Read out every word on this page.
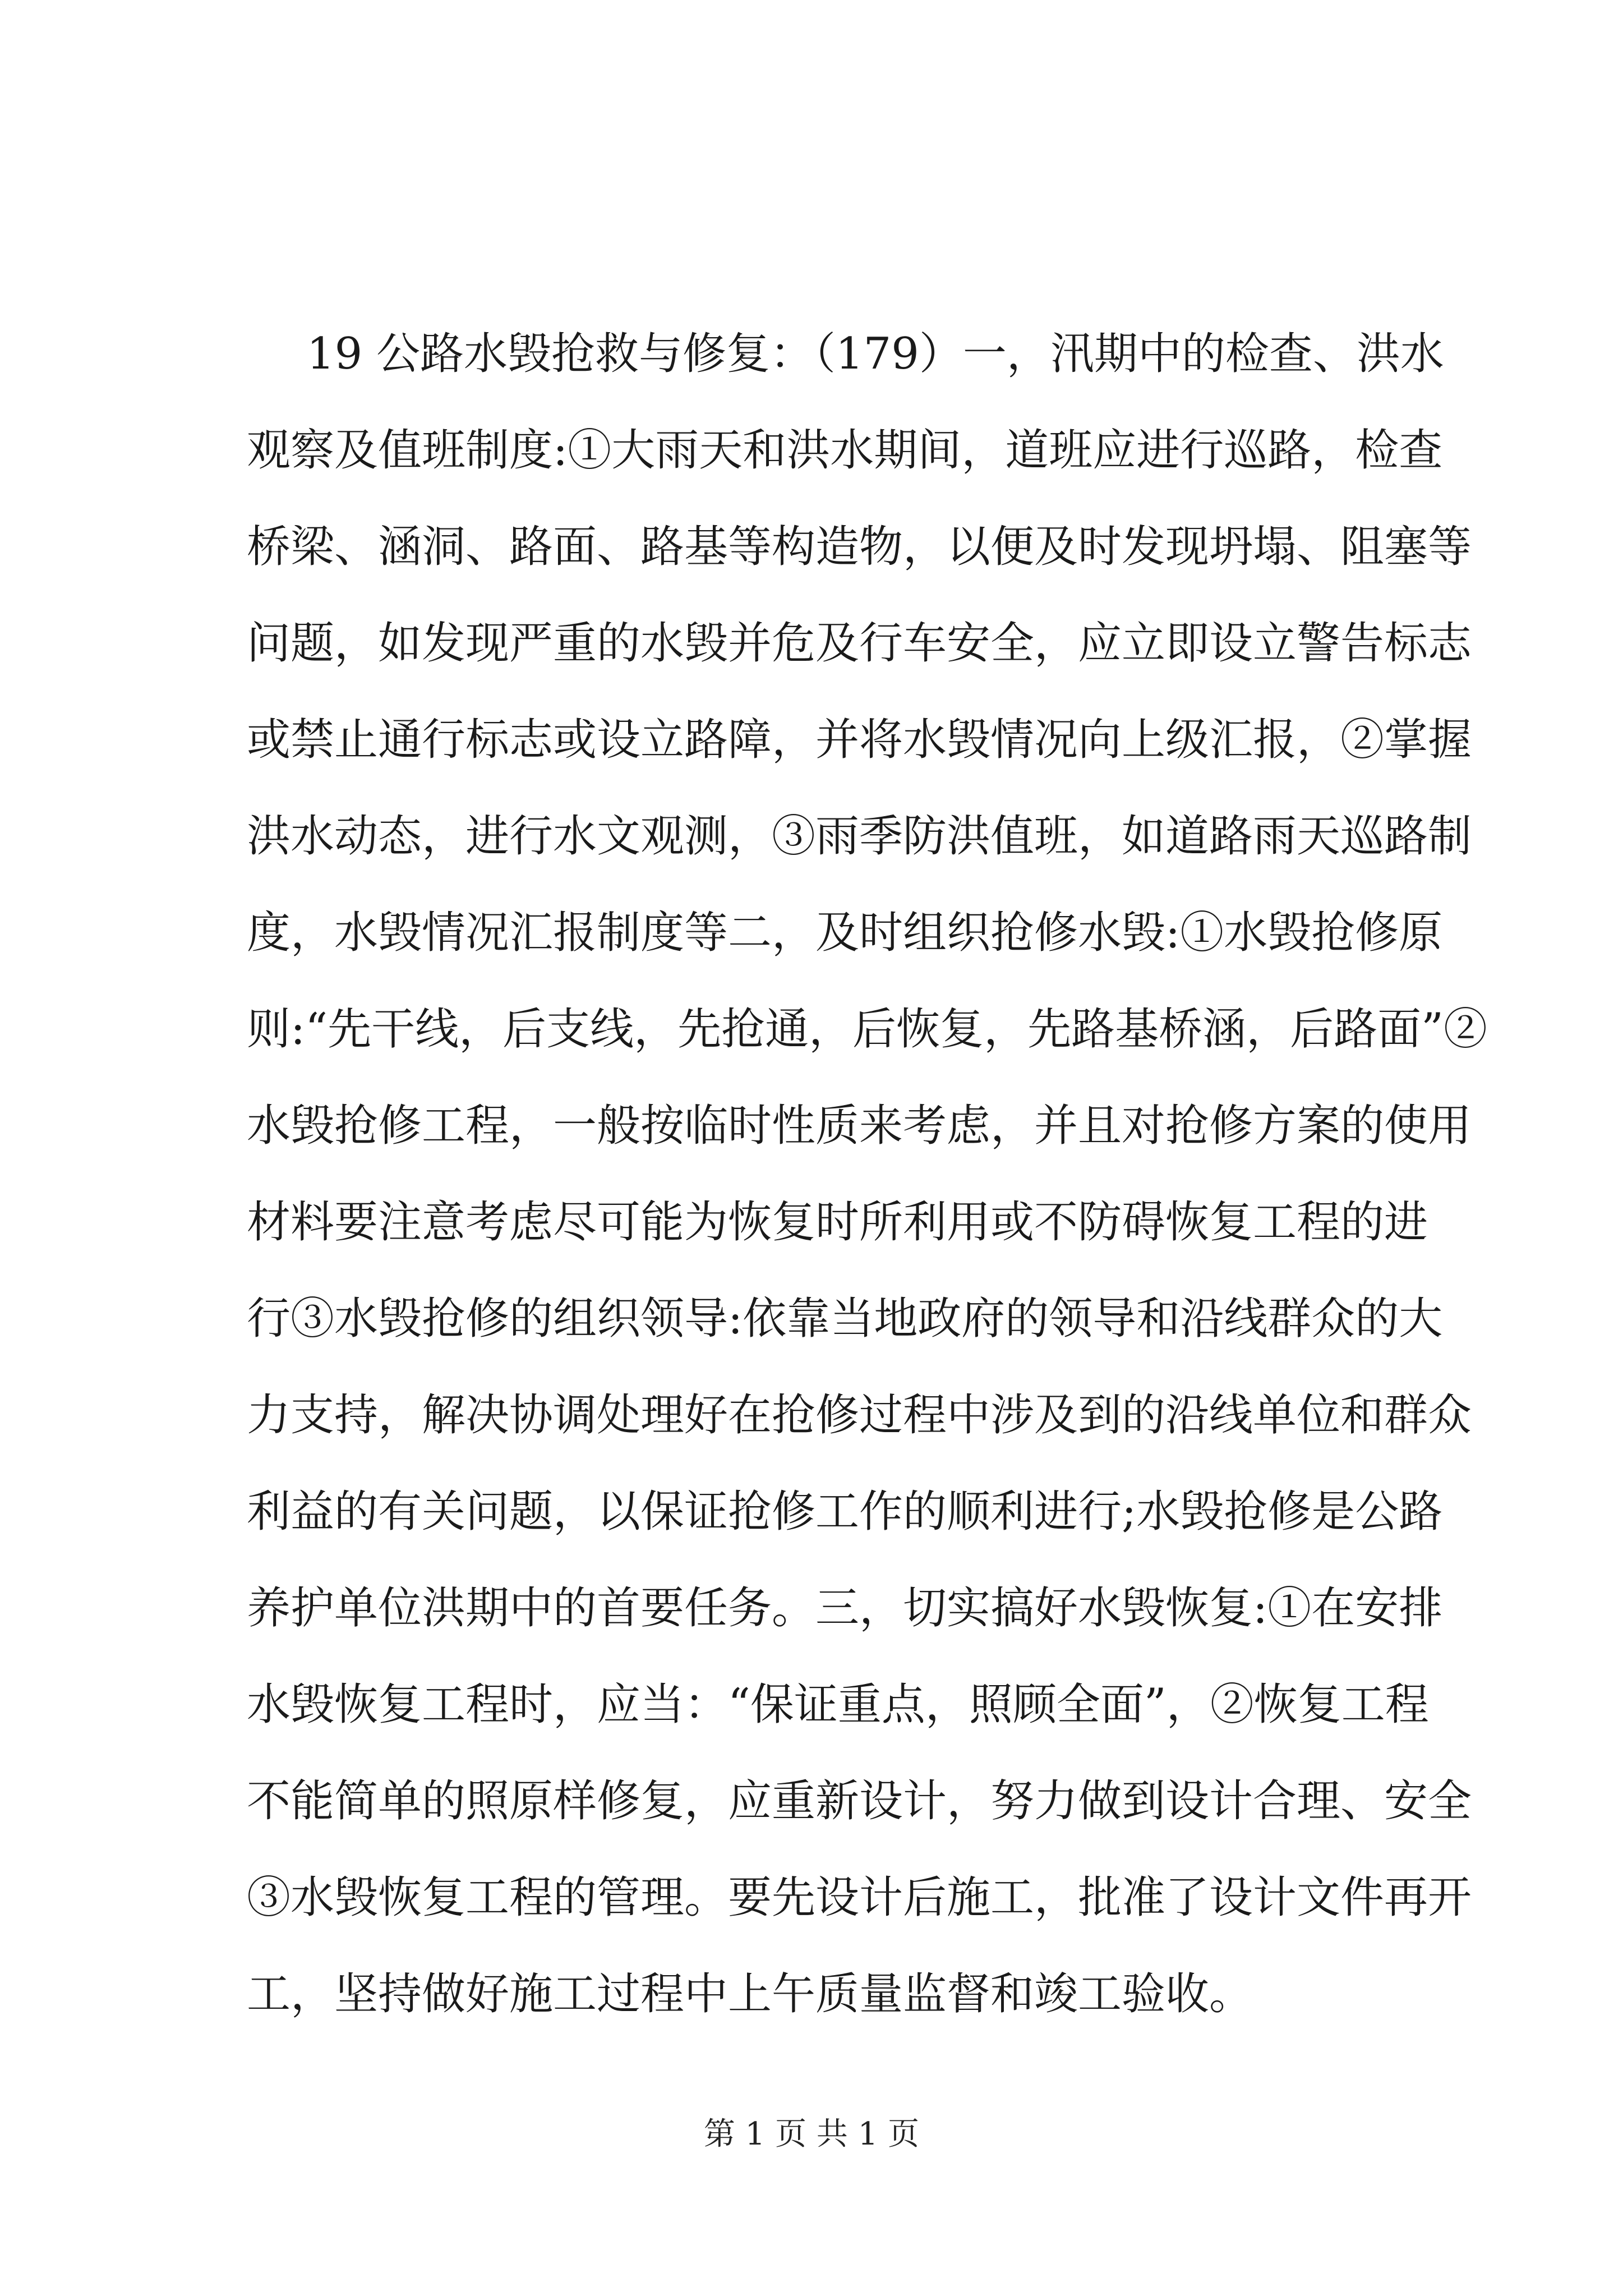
19 公路水毁抢救与修复：（179）一，汛期中的检查、洪水
观察及值班制度:①大雨天和洪水期间，道班应进行巡路，检查
桥梁、涵洞、路面、路基等构造物，以便及时发现坍塌、阻塞等
问题，如发现严重的水毁并危及行车安全，应立即设立警告标志
或禁止通行标志或设立路障，并将水毁情况向上级汇报，②掌握
洪水动态，进行水文观测，③雨季防洪值班，如道路雨天巡路制
度，水毁情况汇报制度等二，及时组织抢修水毁:①水毁抢修原
则:“先干线，后支线，先抢通，后恢复，先路基桥涵，后路面”②
水毁抢修工程，一般按临时性质来考虑，并且对抢修方案的使用
材料要注意考虑尽可能为恢复时所利用或不防碍恢复工程的进
行③水毁抢修的组织领导:依靠当地政府的领导和沿线群众的大
力支持，解决协调处理好在抢修过程中涉及到的沿线单位和群众
利益的有关问题，以保证抢修工作的顺利进行;水毁抢修是公路
养护单位洪期中的首要任务。三，切实搞好水毁恢复:①在安排
水毁恢复工程时，应当：“保证重点，照顾全面”，②恢复工程
不能简单的照原样修复，应重新设计，努力做到设计合理、安全
③水毁恢复工程的管理。要先设计后施工，批准了设计文件再开
工，坚持做好施工过程中上午质量监督和竣工验收。
第 1 页 共 1 页
